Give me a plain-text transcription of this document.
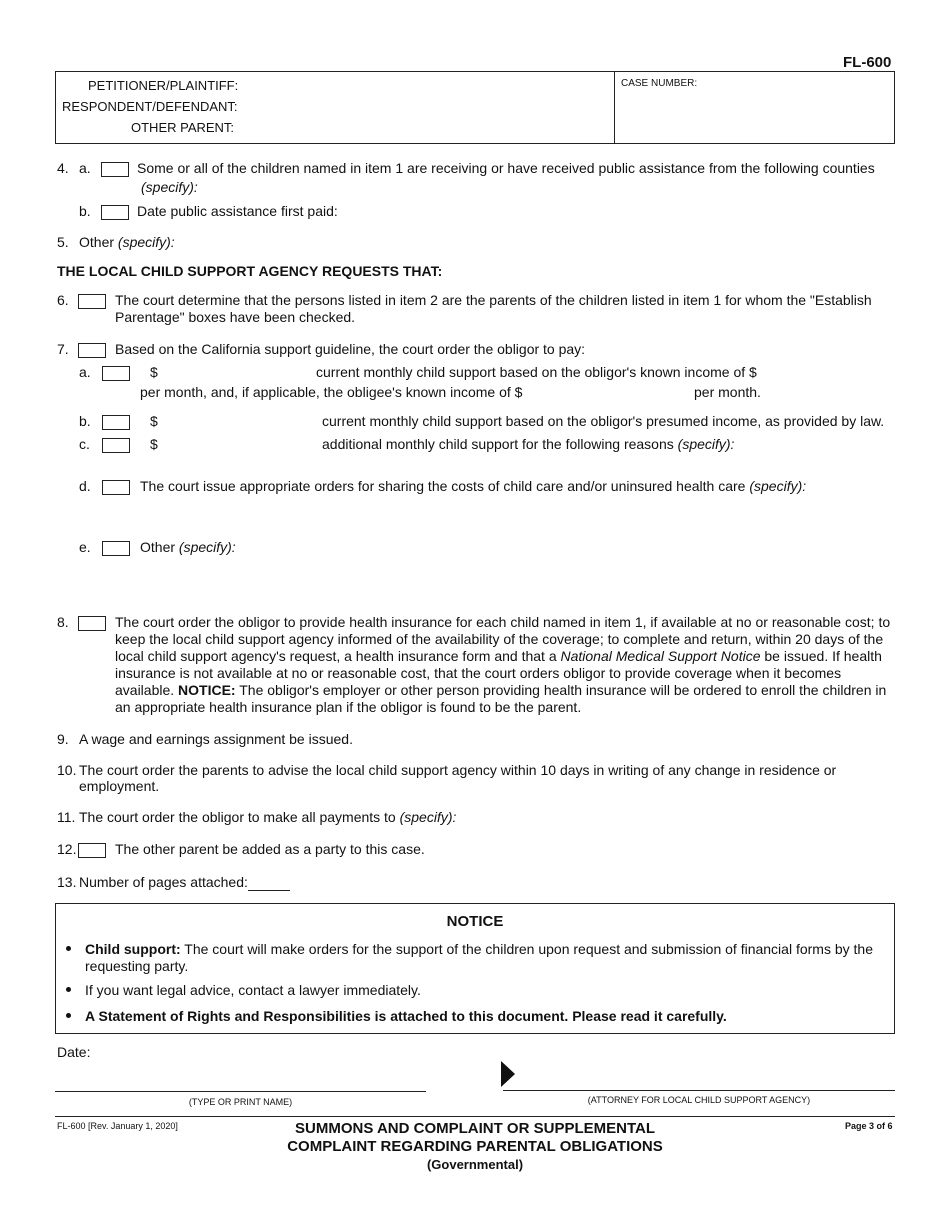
FL-600
PETITIONER/PLAINTIFF:
RESPONDENT/DEFENDANT:
OTHER PARENT:
CASE NUMBER:
4. a.	Some or all of the children named in item 1 are receiving or have received public assistance from the following counties
(specify):
b.	Date public assistance first paid:
5. Other (specify):
THE LOCAL CHILD SUPPORT AGENCY REQUESTS THAT:
6.	The court determine that the persons listed in item 2 are the parents of the children listed in item 1 for whom the "Establish
Parentage" boxes have been checked.
7.	Based on the California support guideline, the court order the obligor to pay:
a.	$	current monthly child support based on the obligor's known income of $
per month, and, if applicable, the obligee's known income of $	per month.
b.	$	current monthly child support based on the obligor's presumed income, as provided by law.
c.	$	additional monthly child support for the following reasons (specify):
d.	The court issue appropriate orders for sharing the costs of child care and/or uninsured health care (specify):
e.	Other (specify):
8.	The court order the obligor to provide health insurance for each child named in item 1, if available at no or reasonable cost; to
keep the local child support agency informed of the availability of the coverage; to complete and return, within 20 days of the
local child support agency's request, a health insurance form and that a National Medical Support Notice be issued. If health
insurance is not available at no or reasonable cost, that the court orders obligor to provide coverage when it becomes
available. NOTICE: The obligor's employer or other person providing health insurance will be ordered to enroll the children in
an appropriate health insurance plan if the obligor is found to be the parent.
9. A wage and earnings assignment be issued.
10. The court order the parents to advise the local child support agency within 10 days in writing of any change in residence or
employment.
11. The court order the obligor to make all payments to (specify):
12.	The other parent be added as a party to this case.
13. Number of pages attached:
NOTICE
Child support: The court will make orders for the support of the children upon request and submission of financial forms by the
requesting party.
If you want legal advice, contact a lawyer immediately.
A Statement of Rights and Responsibilities is attached to this document. Please read it carefully.
Date:
(TYPE OR PRINT NAME)	(ATTORNEY FOR LOCAL CHILD SUPPORT AGENCY)
FL-600 [Rev. January 1, 2020]	SUMMONS AND COMPLAINT OR SUPPLEMENTAL
COMPLAINT REGARDING PARENTAL OBLIGATIONS
(Governmental)
Page 3 of 6
